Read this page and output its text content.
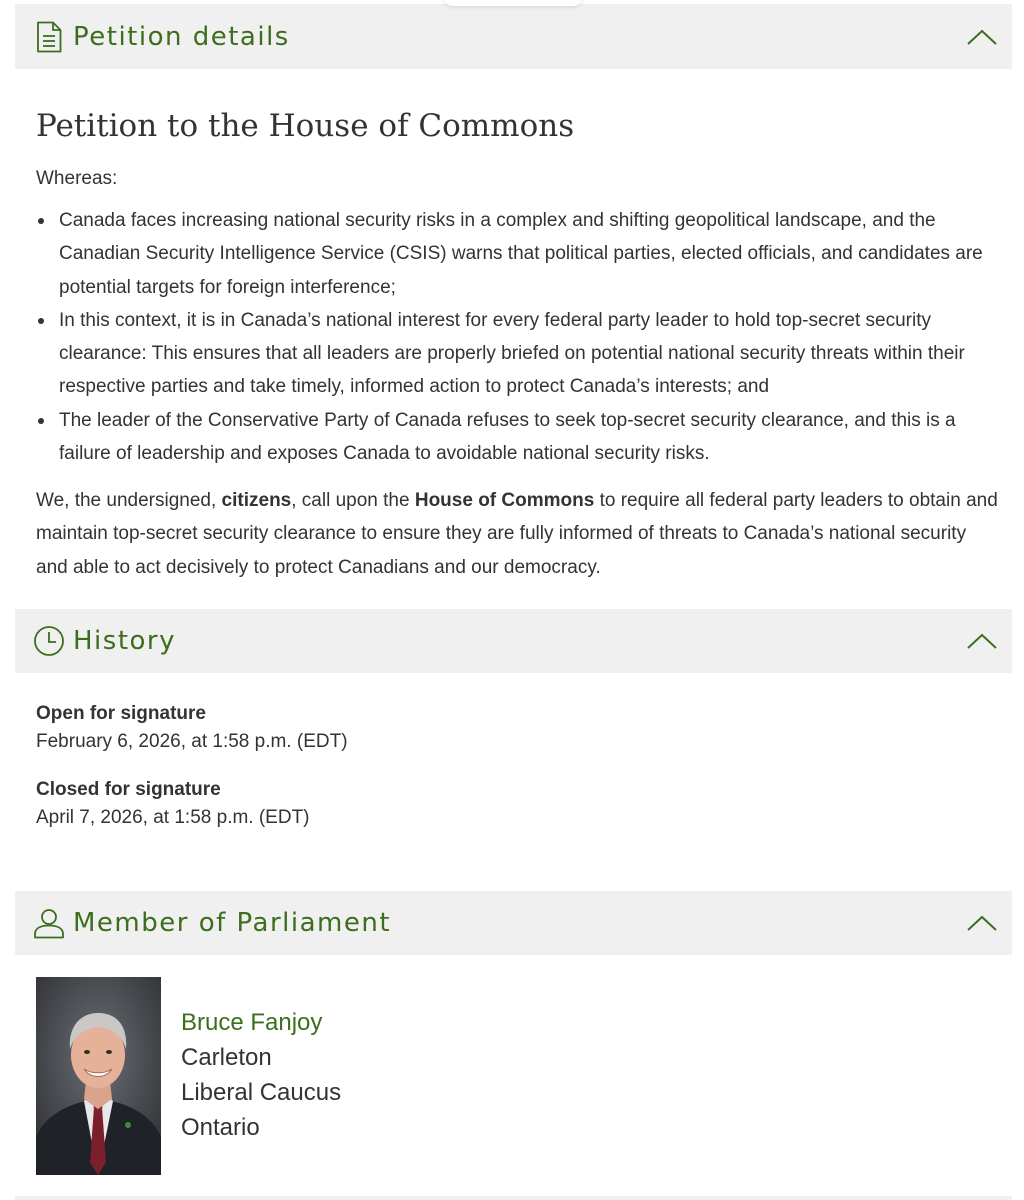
Petition details
Petition to the House of Commons

Whereas:

Canada faces increasing national security risks in a complex and shifting geopolitical landscape, and the Canadian Security Intelligence Service (CSIS) warns that political parties, elected officials, and candidates are potential targets for foreign interference;
In this context, it is in Canada’s national interest for every federal party leader to hold top-secret security clearance: This ensures that all leaders are properly briefed on potential national security threats within their respective parties and take timely, informed action to protect Canada’s interests; and
The leader of the Conservative Party of Canada refuses to seek top-secret security clearance, and this is a failure of leadership and exposes Canada to avoidable national security risks.

We, the undersigned, citizens, call upon the House of Commons to require all federal party leaders to obtain and maintain top-secret security clearance to ensure they are fully informed of threats to Canada’s national security and able to act decisively to protect Canadians and our democracy.

History
Open for signature
February 6, 2026, at 1:58 p.m. (EDT)
Closed for signature
April 7, 2026, at 1:58 p.m. (EDT)
Member of Parliament
Bruce Fanjoy
Carleton
Liberal Caucus
Ontario
